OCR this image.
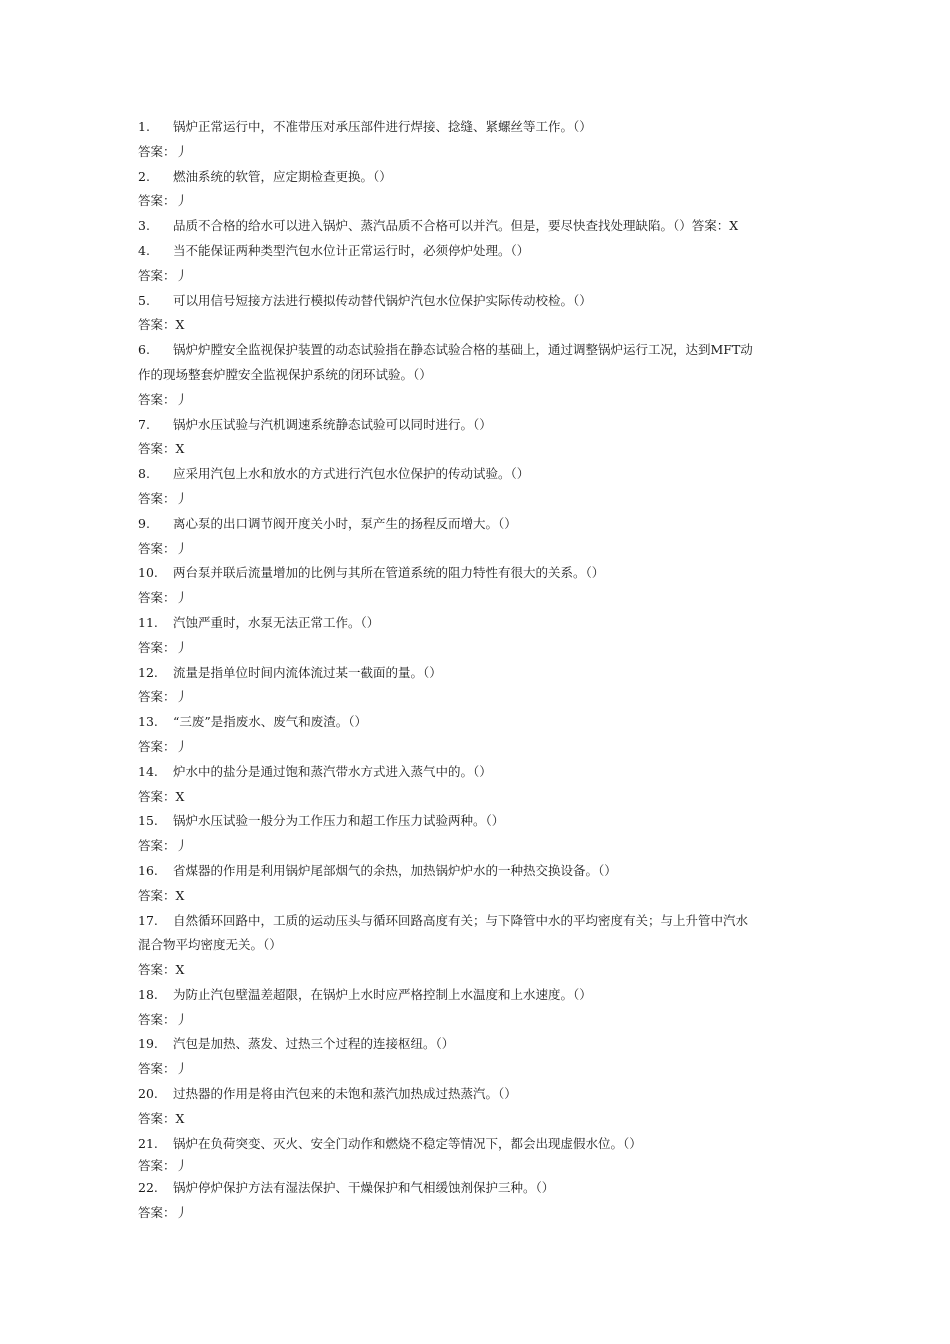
1. 锅炉正常运行中，不准带压对承压部件进行焊接、捻缝、紧螺丝等工作。（）
答案：丿
2. 燃油系统的软管，应定期检查更换。（）
答案：丿
3. 品质不合格的给水可以进入锅炉、蒸汽品质不合格可以并汽。但是，要尽快查找处理缺陷。（）答案：X
4. 当不能保证两种类型汽包水位计正常运行时，必须停炉处理。（）
答案：丿
5. 可以用信号短接方法进行模拟传动替代锅炉汽包水位保护实际传动校检。（）
答案：X
6. 锅炉炉膛安全监视保护装置的动态试验指在静态试验合格的基础上，通过调整锅炉运行工况，达到MFT动
作的现场整套炉膛安全监视保护系统的闭环试验。（）
答案：丿
7. 锅炉水压试验与汽机调速系统静态试验可以同时进行。（）
答案：X
8. 应采用汽包上水和放水的方式进行汽包水位保护的传动试验。（）
答案：丿
9. 离心泵的出口调节阀开度关小时，泵产生的扬程反而增大。（）
答案：丿
10. 两台泵并联后流量增加的比例与其所在管道系统的阻力特性有很大的关系。（）
答案：丿
11. 汽蚀严重时，水泵无法正常工作。（）
答案：丿
12. 流量是指单位时间内流体流过某一截面的量。（）
答案：丿
13. “三废”是指废水、废气和废渣。（）
答案：丿
14. 炉水中的盐分是通过饱和蒸汽带水方式进入蒸气中的。（）
答案：X
15. 锅炉水压试验一般分为工作压力和超工作压力试验两种。（）
答案：丿
16. 省煤器的作用是利用锅炉尾部烟气的余热，加热锅炉炉水的一种热交换设备。（）
答案：X
17. 自然循环回路中，工质的运动压头与循环回路高度有关；与下降管中水的平均密度有关；与上升管中汽水
混合物平均密度无关。（）
答案：X
18. 为防止汽包壁温差超限，在锅炉上水时应严格控制上水温度和上水速度。（）
答案：丿
19. 汽包是加热、蒸发、过热三个过程的连接枢纽。（）
答案：丿
20. 过热器的作用是将由汽包来的未饱和蒸汽加热成过热蒸汽。（）
答案：X
21. 锅炉在负荷突变、灭火、安全门动作和燃烧不稳定等情况下，都会出现虚假水位。（）
答案：丿
22. 锅炉停炉保护方法有湿法保护、干燥保护和气相缓蚀剂保护三种。（）
答案：丿
